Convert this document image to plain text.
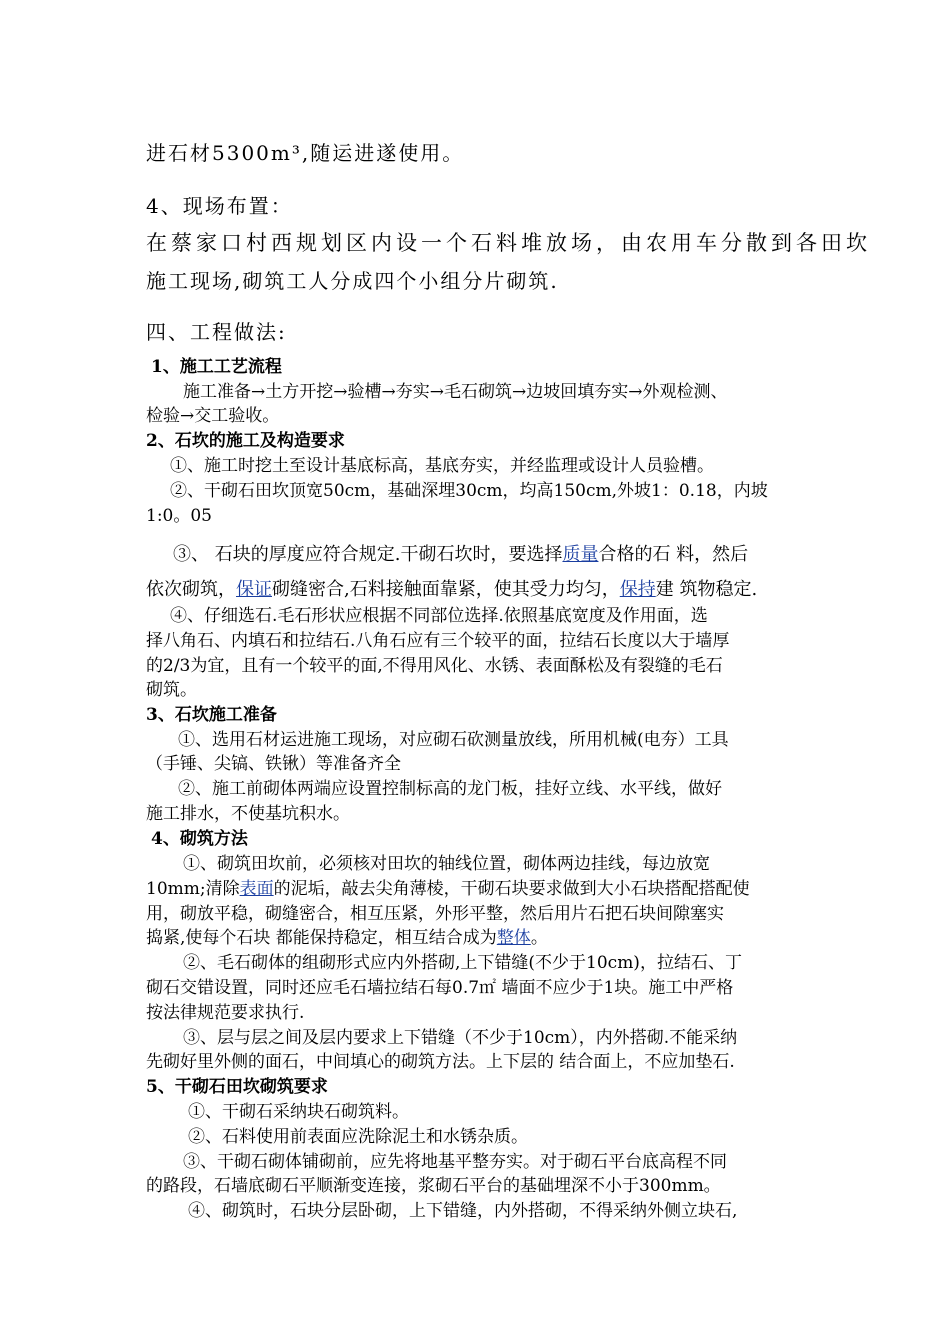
进石材5300m³,随运进遂使用。
4、现场布置：
在蔡家口村西规划区内设一个石料堆放场，由农用车分散到各田坎
施工现场,砌筑工人分成四个小组分片砌筑.
四、工程做法:
1、施工工艺流程
施工准备→土方开挖→验槽→夯实→毛石砌筑→边坡回填夯实→外观检测、
检验→交工验收。
2、石坎的施工及构造要求
①、施工时挖土至设计基底标高，基底夯实，并经监理或设计人员验槽。
②、干砌石田坎顶宽50cm，基础深埋30cm，均高150cm,外坡1：0.18，内坡
1:0。05
③、 石块的厚度应符合规定.干砌石坎时，要选择质量合格的石 料，然后
依次砌筑，保证砌缝密合,石料接触面靠紧，使其受力均匀，保持建 筑物稳定.
④、仔细选石.毛石形状应根据不同部位选择.依照基底宽度及作用面，选
择八角石、内填石和拉结石.八角石应有三个较平的面，拉结石长度以大于墙厚
的2/3为宜，且有一个较平的面,不得用风化、水锈、表面酥松及有裂缝的毛石
砌筑。
3、石坎施工准备
①、选用石材运进施工现场，对应砌石砍测量放线，所用机械(电夯）工具
（手锤、尖镐、铁锹）等准备齐全
②、施工前砌体两端应设置控制标高的龙门板，挂好立线、水平线，做好
施工排水，不使基坑积水。
4、砌筑方法
①、砌筑田坎前，必须核对田坎的轴线位置，砌体两边挂线，每边放宽
10mm;清除表面的泥垢，敲去尖角薄棱，干砌石块要求做到大小石块搭配搭配使
用，砌放平稳，砌缝密合，相互压紧，外形平整，然后用片石把石块间隙塞实
捣紧,使每个石块 都能保持稳定，相互结合成为整体。
②、毛石砌体的组砌形式应内外搭砌,上下错缝(不少于10cm)，拉结石、丁
砌石交错设置，同时还应毛石墙拉结石每0.7㎡ 墙面不应少于1块。施工中严格
按法律规范要求执行.
③、层与层之间及层内要求上下错缝（不少于10cm），内外搭砌.不能采纳
先砌好里外侧的面石，中间填心的砌筑方法。上下层的 结合面上，不应加垫石.
5、干砌石田坎砌筑要求
①、干砌石采纳块石砌筑料。
②、石料使用前表面应洗除泥土和水锈杂质。
③、干砌石砌体铺砌前，应先将地基平整夯实。对于砌石平台底高程不同
的路段，石墙底砌石平顺渐变连接，浆砌石平台的基础埋深不小于300mm。
④、砌筑时，石块分层卧砌，上下错缝，内外搭砌，不得采纳外侧立块石,
